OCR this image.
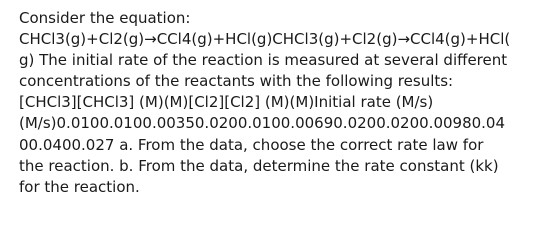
Consider the equation:
CHCl3(g)+Cl2(g)→CCl4(g)+HCl(g)CHCl3(g)+Cl2(g)→CCl4(g)+HCl(
g) The initial rate of the reaction is measured at several different
concentrations of the reactants with the following results:
[CHCl3][CHCl3] (M)(M)[Cl2][Cl2] (M)(M)Initial rate (M/s)
(M/s)0.0100.0100.00350.0200.0100.00690.0200.0200.00980.04
00.0400.027 a. From the data, choose the correct rate law for
the reaction. b. From the data, determine the rate constant (kk)
for the reaction.
